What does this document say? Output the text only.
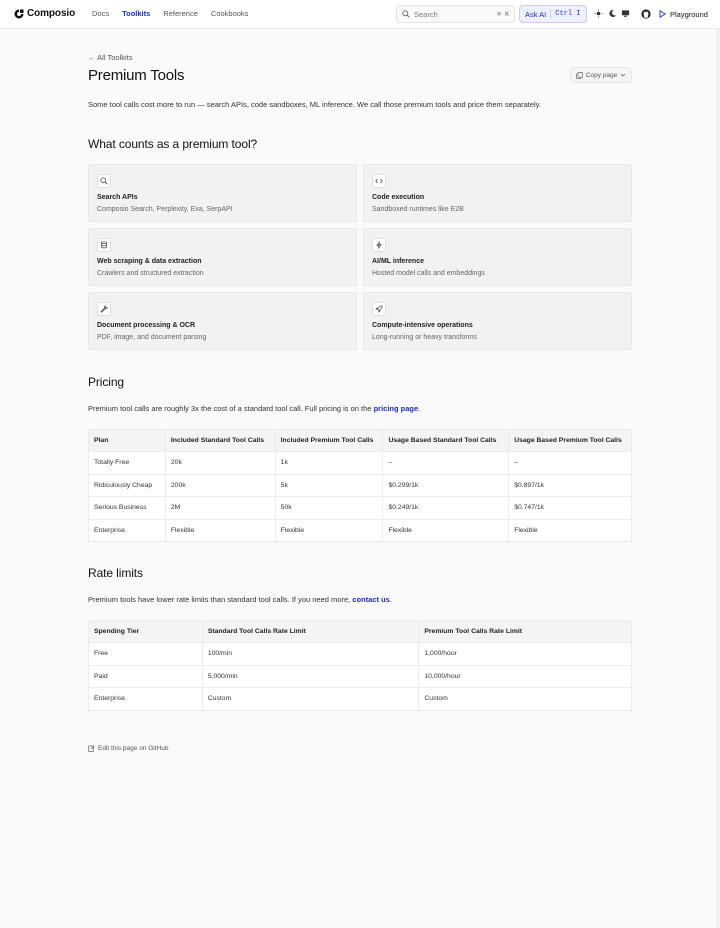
Composio Docs Toolkits Reference Cookbooks	Search	⌘ K Ask AI	Ctrl I	Playground
← All Toolkits
Premium Tools	Copy page
Some tool calls cost more to run — search APIs, code sandboxes, ML inference. We call those premium tools and price them separately.
What counts as a premium tool?
Search APIs
Composio Search, Perplexity, Exa, SerpAPI
Code execution
Sandboxed runtimes like E2B
Web scraping & data extraction
Crawlers and structured extraction
AI/ML inference
Hosted model calls and embeddings
Document processing & OCR
PDF, image, and document parsing
Compute-intensive operations
Long-running or heavy transforms
Pricing
Premium tool calls are roughly 3x the cost of a standard tool call. Full pricing is on the pricing page.
Plan	Included Standard Tool Calls	Included Premium Tool Calls	Usage Based Standard Tool Calls	Usage Based Premium Tool Calls
Totally Free	20k	1k	–	–
Ridiculously Cheap	200k	5k	$0.299/1k	$0.897/1k
Serious Business	2M	50k	$0.249/1k	$0.747/1k
Enterprise	Flexible	Flexible	Flexible	Flexible
Rate limits
Premium tools have lower rate limits than standard tool calls. If you need more, contact us.
Spending Tier	Standard Tool Calls Rate Limit	Premium Tool Calls Rate Limit
Free	100/min	1,000/hour
Paid	5,000/min	10,000/hour
Enterprise	Custom	Custom
Edit this page on GitHub
